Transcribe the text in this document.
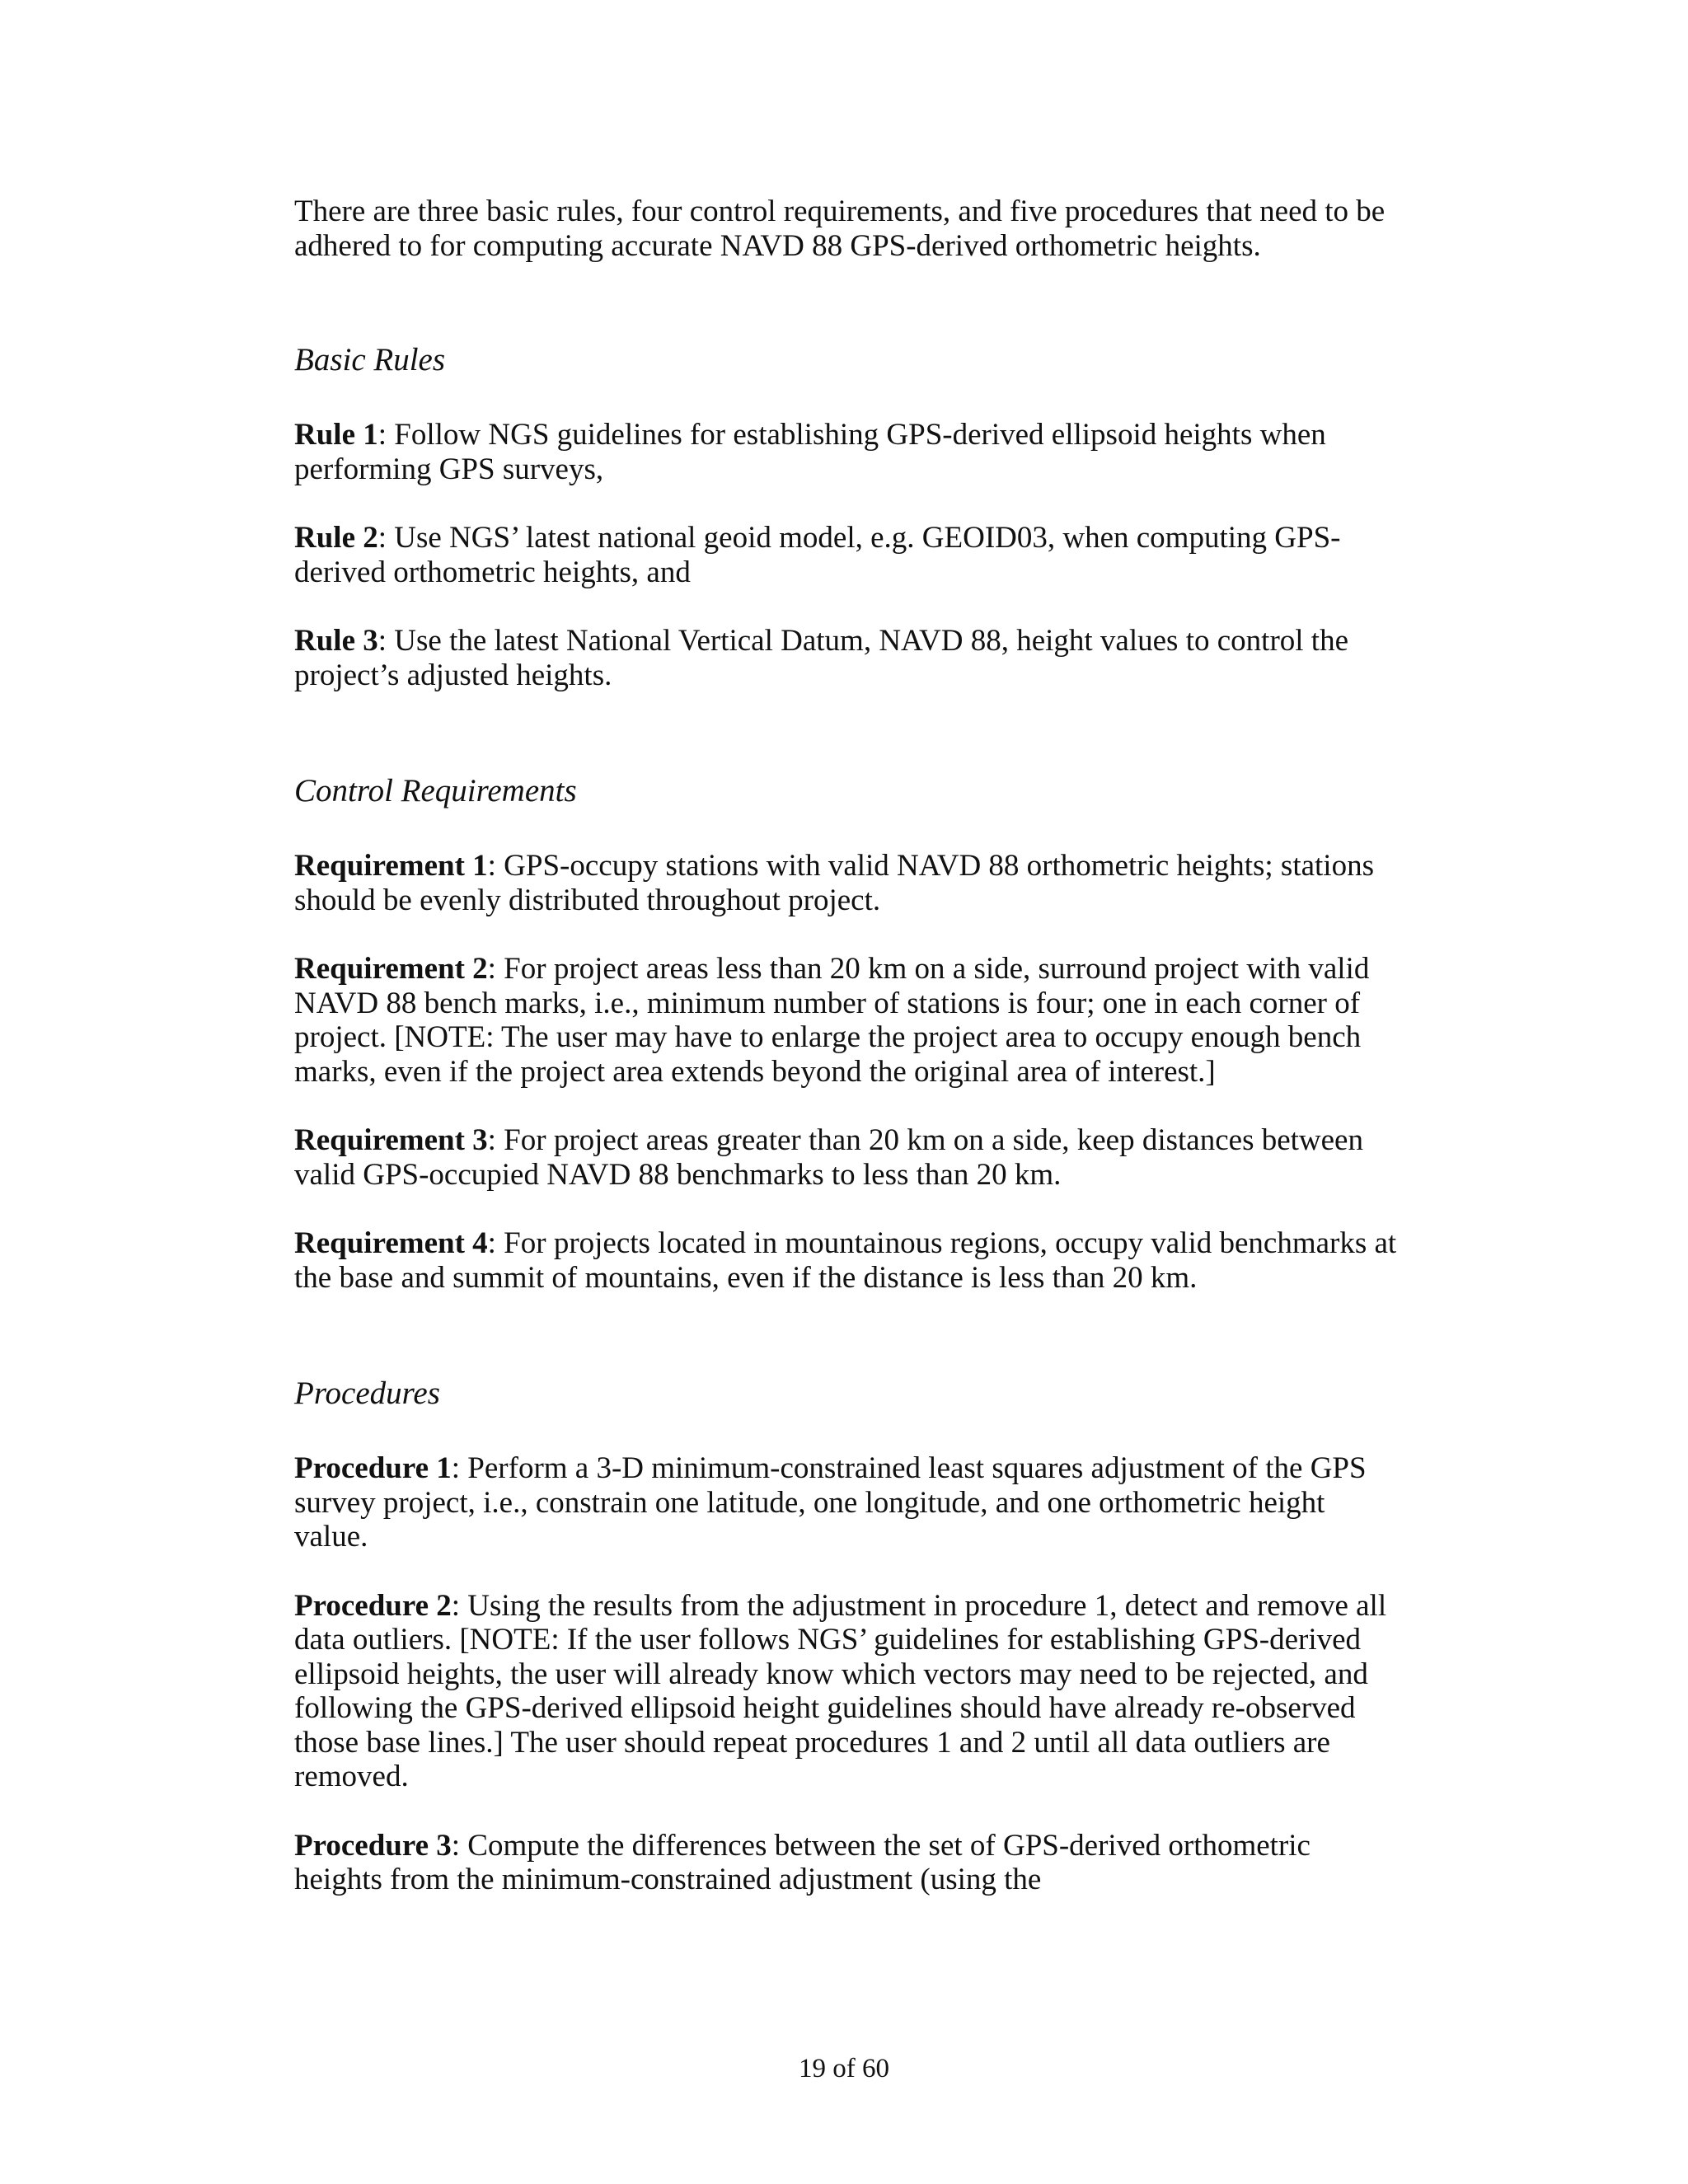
There are three basic rules, four control requirements, and five procedures that need to be adhered to for computing accurate NAVD 88 GPS-derived orthometric heights.

Basic Rules

Rule 1: Follow NGS guidelines for establishing GPS-derived ellipsoid heights when performing GPS surveys,

Rule 2: Use NGS’ latest national geoid model, e.g. GEOID03, when computing GPS-derived orthometric heights, and

Rule 3: Use the latest National Vertical Datum, NAVD 88, height values to control the project’s adjusted heights.

Control Requirements

Requirement 1: GPS-occupy stations with valid NAVD 88 orthometric heights; stations should be evenly distributed throughout project.

Requirement 2: For project areas less than 20 km on a side, surround project with valid NAVD 88 bench marks, i.e., minimum number of stations is four; one in each corner of project. [NOTE: The user may have to enlarge the project area to occupy enough bench marks, even if the project area extends beyond the original area of interest.]

Requirement 3: For project areas greater than 20 km on a side, keep distances between valid GPS-occupied NAVD 88 benchmarks to less than 20 km.

Requirement 4: For projects located in mountainous regions, occupy valid benchmarks at the base and summit of mountains, even if the distance is less than 20 km.

Procedures

Procedure 1: Perform a 3-D minimum-constrained least squares adjustment of the GPS survey project, i.e., constrain one latitude, one longitude, and one orthometric height value.

Procedure 2: Using the results from the adjustment in procedure 1, detect and remove all data outliers. [NOTE: If the user follows NGS’ guidelines for establishing GPS-derived ellipsoid heights, the user will already know which vectors may need to be rejected, and following the GPS-derived ellipsoid height guidelines should have already re-observed those base lines.] The user should repeat procedures 1 and 2 until all data outliers are removed.

Procedure 3: Compute the differences between the set of GPS-derived orthometric heights from the minimum-constrained adjustment (using the

19 of 60
